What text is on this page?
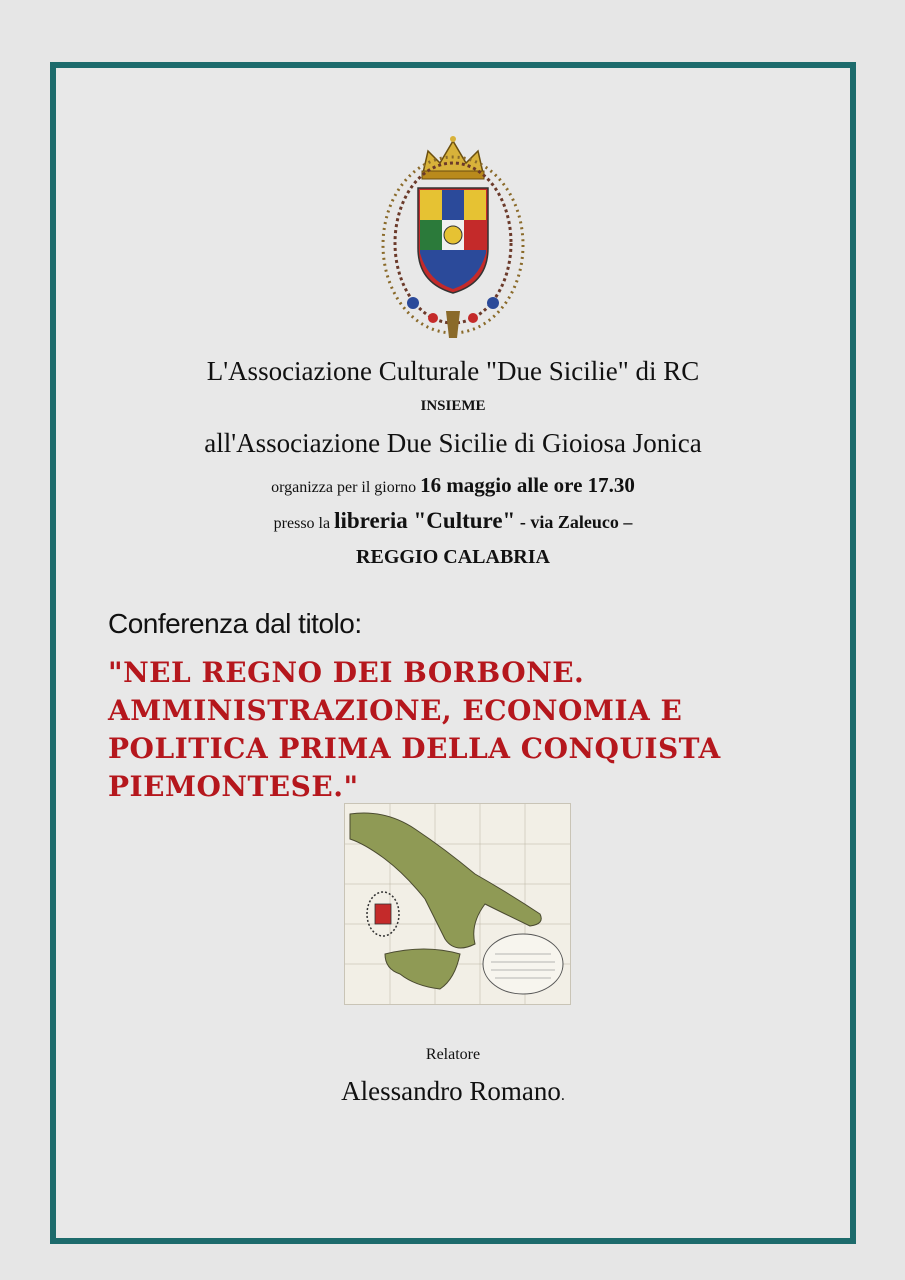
L'Associazione Culturale "Due Sicilie" di RC
INSIEME
all'Associazione Due Sicilie di Gioiosa Jonica
organizza per il giorno 16 maggio alle ore 17.30
presso la libreria "Culture" - via Zaleuco –
REGGIO CALABRIA
Conferenza dal titolo:
"NEL REGNO DEI BORBONE. AMMINISTRAZIONE, ECONOMIA E POLITICA PRIMA DELLA CONQUISTA PIEMONTESE."
Relatore
Alessandro Romano.
